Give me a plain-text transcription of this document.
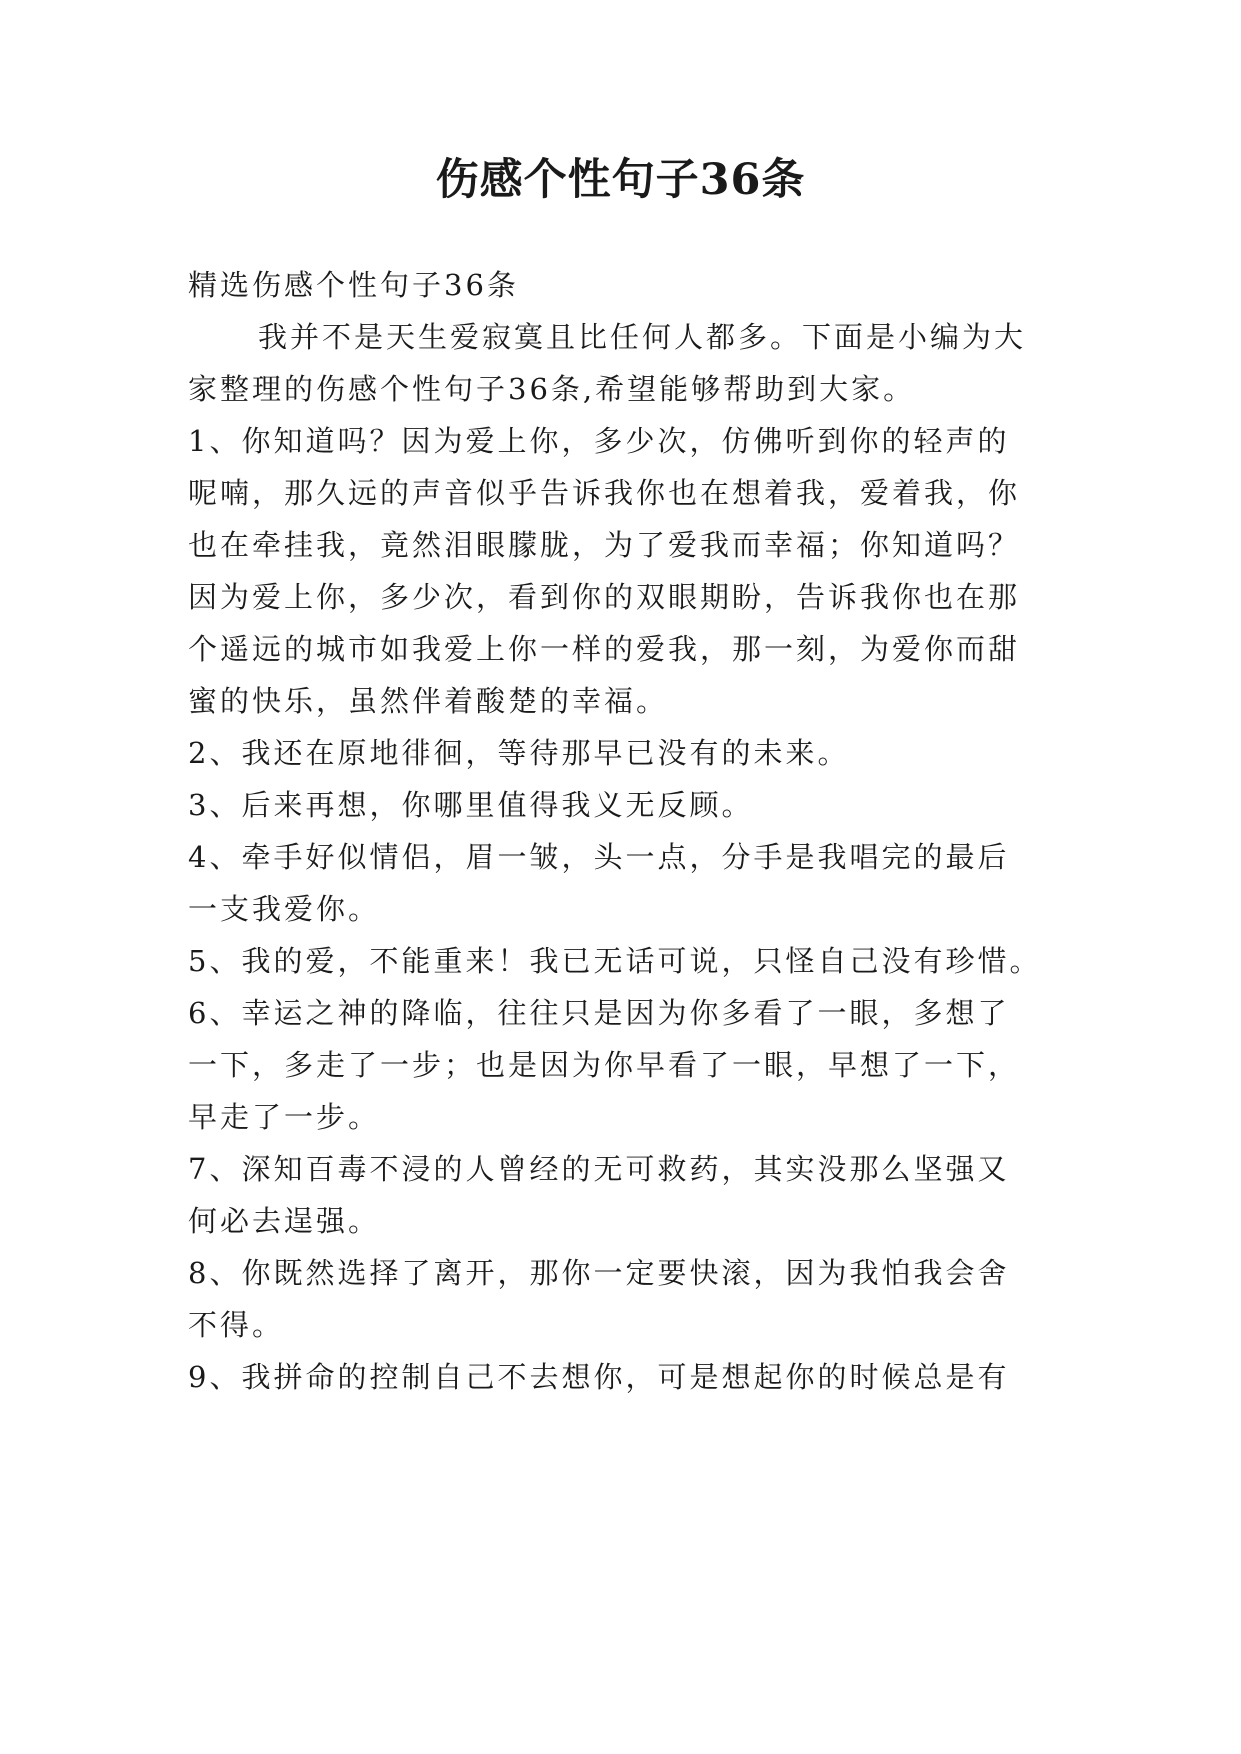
伤感个性句子36条
精选伤感个性句子36条
我并不是天生爱寂寞且比任何人都多。下面是小编为大
家整理的伤感个性句子36条,希望能够帮助到大家。
1、你知道吗？因为爱上你，多少次，仿佛听到你的轻声的
呢喃，那久远的声音似乎告诉我你也在想着我，爱着我，你
也在牵挂我，竟然泪眼朦胧，为了爱我而幸福；你知道吗？
因为爱上你，多少次，看到你的双眼期盼，告诉我你也在那
个遥远的城市如我爱上你一样的爱我，那一刻，为爱你而甜
蜜的快乐，虽然伴着酸楚的幸福。
2、我还在原地徘徊，等待那早已没有的未来。
3、后来再想，你哪里值得我义无反顾。
4、牵手好似情侣，眉一皱，头一点，分手是我唱完的最后
一支我爱你。
5、我的爱，不能重来！我已无话可说，只怪自己没有珍惜。
6、幸运之神的降临，往往只是因为你多看了一眼，多想了
一下，多走了一步；也是因为你早看了一眼，早想了一下，
早走了一步。
7、深知百毒不浸的人曾经的无可救药，其实没那么坚强又
何必去逞强。
8、你既然选择了离开，那你一定要快滚，因为我怕我会舍
不得。
9、我拼命的控制自己不去想你，可是想起你的时候总是有
